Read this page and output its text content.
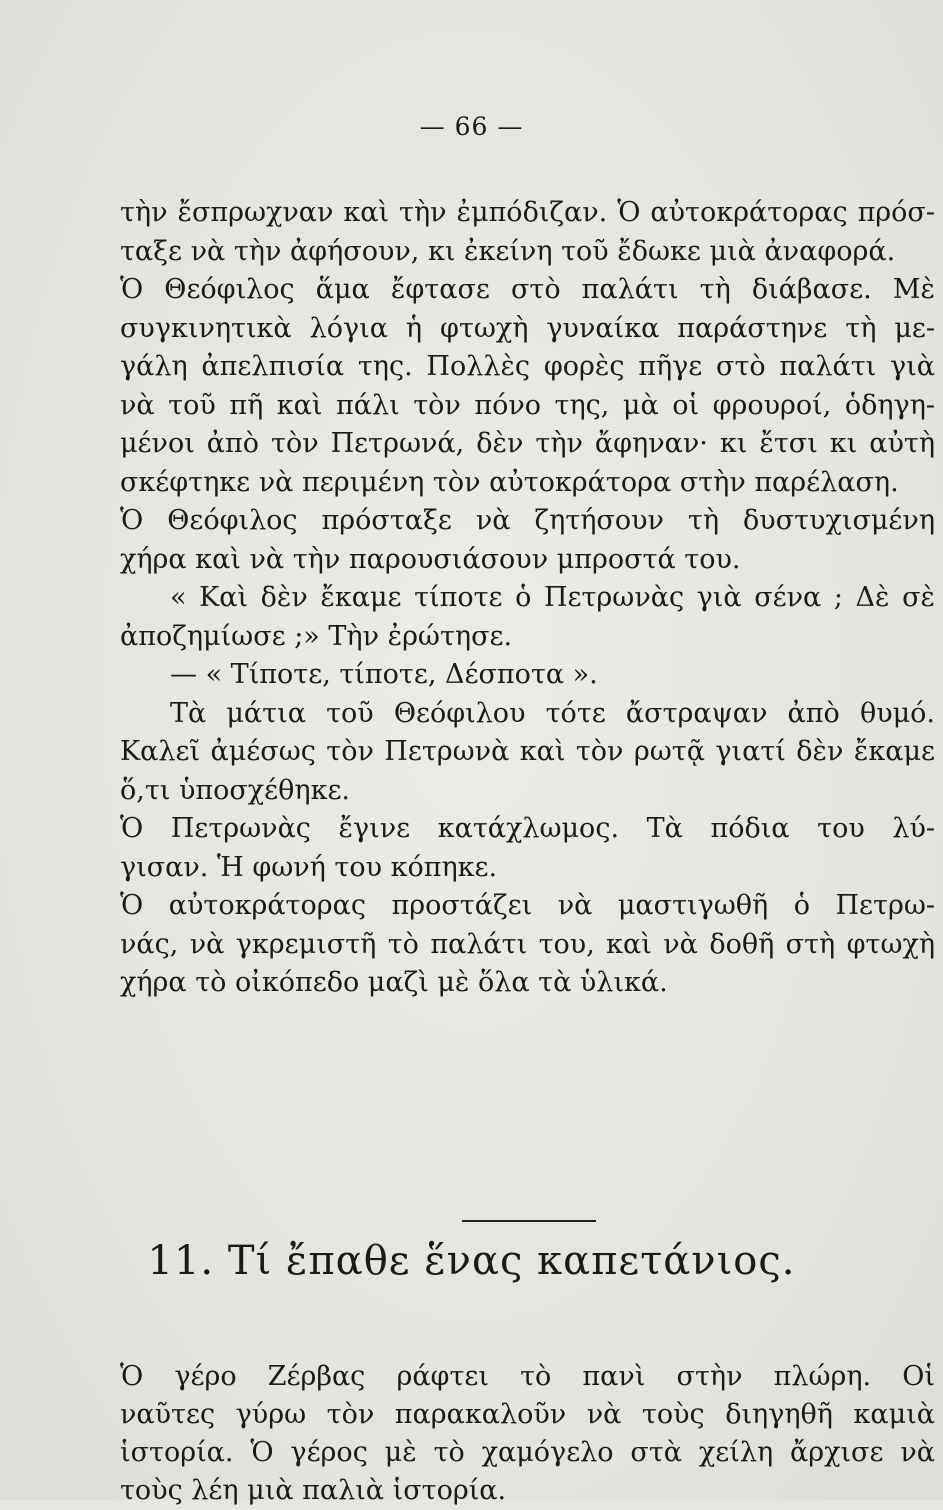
— 66 —
τὴν ἔσπρωχναν καὶ τὴν ἐμπόδιζαν. Ὁ αὐτοκράτορας πρόσ-
ταξε νὰ τὴν ἀφήσουν, κι ἐκείνη τοῦ ἔδωκε μιὰ ἀναφορά.
Ὁ Θεόφιλος ἅμα ἔφτασε στὸ παλάτι τὴ διάβασε. Μὲ
συγκινητικὰ λόγια ἡ φτωχὴ γυναίκα παράστηνε τὴ με-
γάλη ἀπελπισία της. Πολλὲς φορὲς πῆγε στὸ παλάτι γιὰ
νὰ τοῦ πῆ καὶ πάλι τὸν πόνο της, μὰ οἱ φρουροί, ὁδηγη-
μένοι ἀπὸ τὸν Πετρωνά, δὲν τὴν ἄφηναν· κι ἔτσι κι αὐτὴ
σκέφτηκε νὰ περιμένη τὸν αὐτοκράτορα στὴν παρέλαση.
Ὁ Θεόφιλος πρόσταξε νὰ ζητήσουν τὴ δυστυχισμένη
χήρα καὶ νὰ τὴν παρουσιάσουν μπροστά του.
« Καὶ δὲν ἔκαμε τίποτε ὁ Πετρωνὰς γιὰ σένα ; Δὲ σὲ
ἀποζημίωσε ;» Τὴν ἐρώτησε.
— « Τίποτε, τίποτε, Δέσποτα ».
Τὰ μάτια τοῦ Θεόφιλου τότε ἄστραψαν ἀπὸ θυμό.
Καλεῖ ἀμέσως τὸν Πετρωνὰ καὶ τὸν ρωτᾷ γιατί δὲν ἔκαμε
ὅ,τι ὑποσχέθηκε.
Ὁ Πετρωνὰς ἔγινε κατάχλωμος. Τὰ πόδια του λύ-
γισαν. Ἡ φωνή του κόπηκε.
Ὁ αὐτοκράτορας προστάζει νὰ μαστιγωθῆ ὁ Πετρω-
νάς, νὰ γκρεμιστῆ τὸ παλάτι του, καὶ νὰ δοθῆ στὴ φτωχὴ
χήρα τὸ οἰκόπεδο μαζὶ μὲ ὅλα τὰ ὑλικά.
11. Τί ἔπαθε ἕνας καπετάνιος.
Ὁ γέρο Ζέρβας ράφτει τὸ πανὶ στὴν πλώρη. Οἱ
ναῦτες γύρω τὸν παρακαλοῦν νὰ τοὺς διηγηθῆ καμιὰ
ἱστορία. Ὁ γέρος μὲ τὸ χαμόγελο στὰ χείλη ἄρχισε νὰ
τοὺς λέη μιὰ παλιὰ ἱστορία.
